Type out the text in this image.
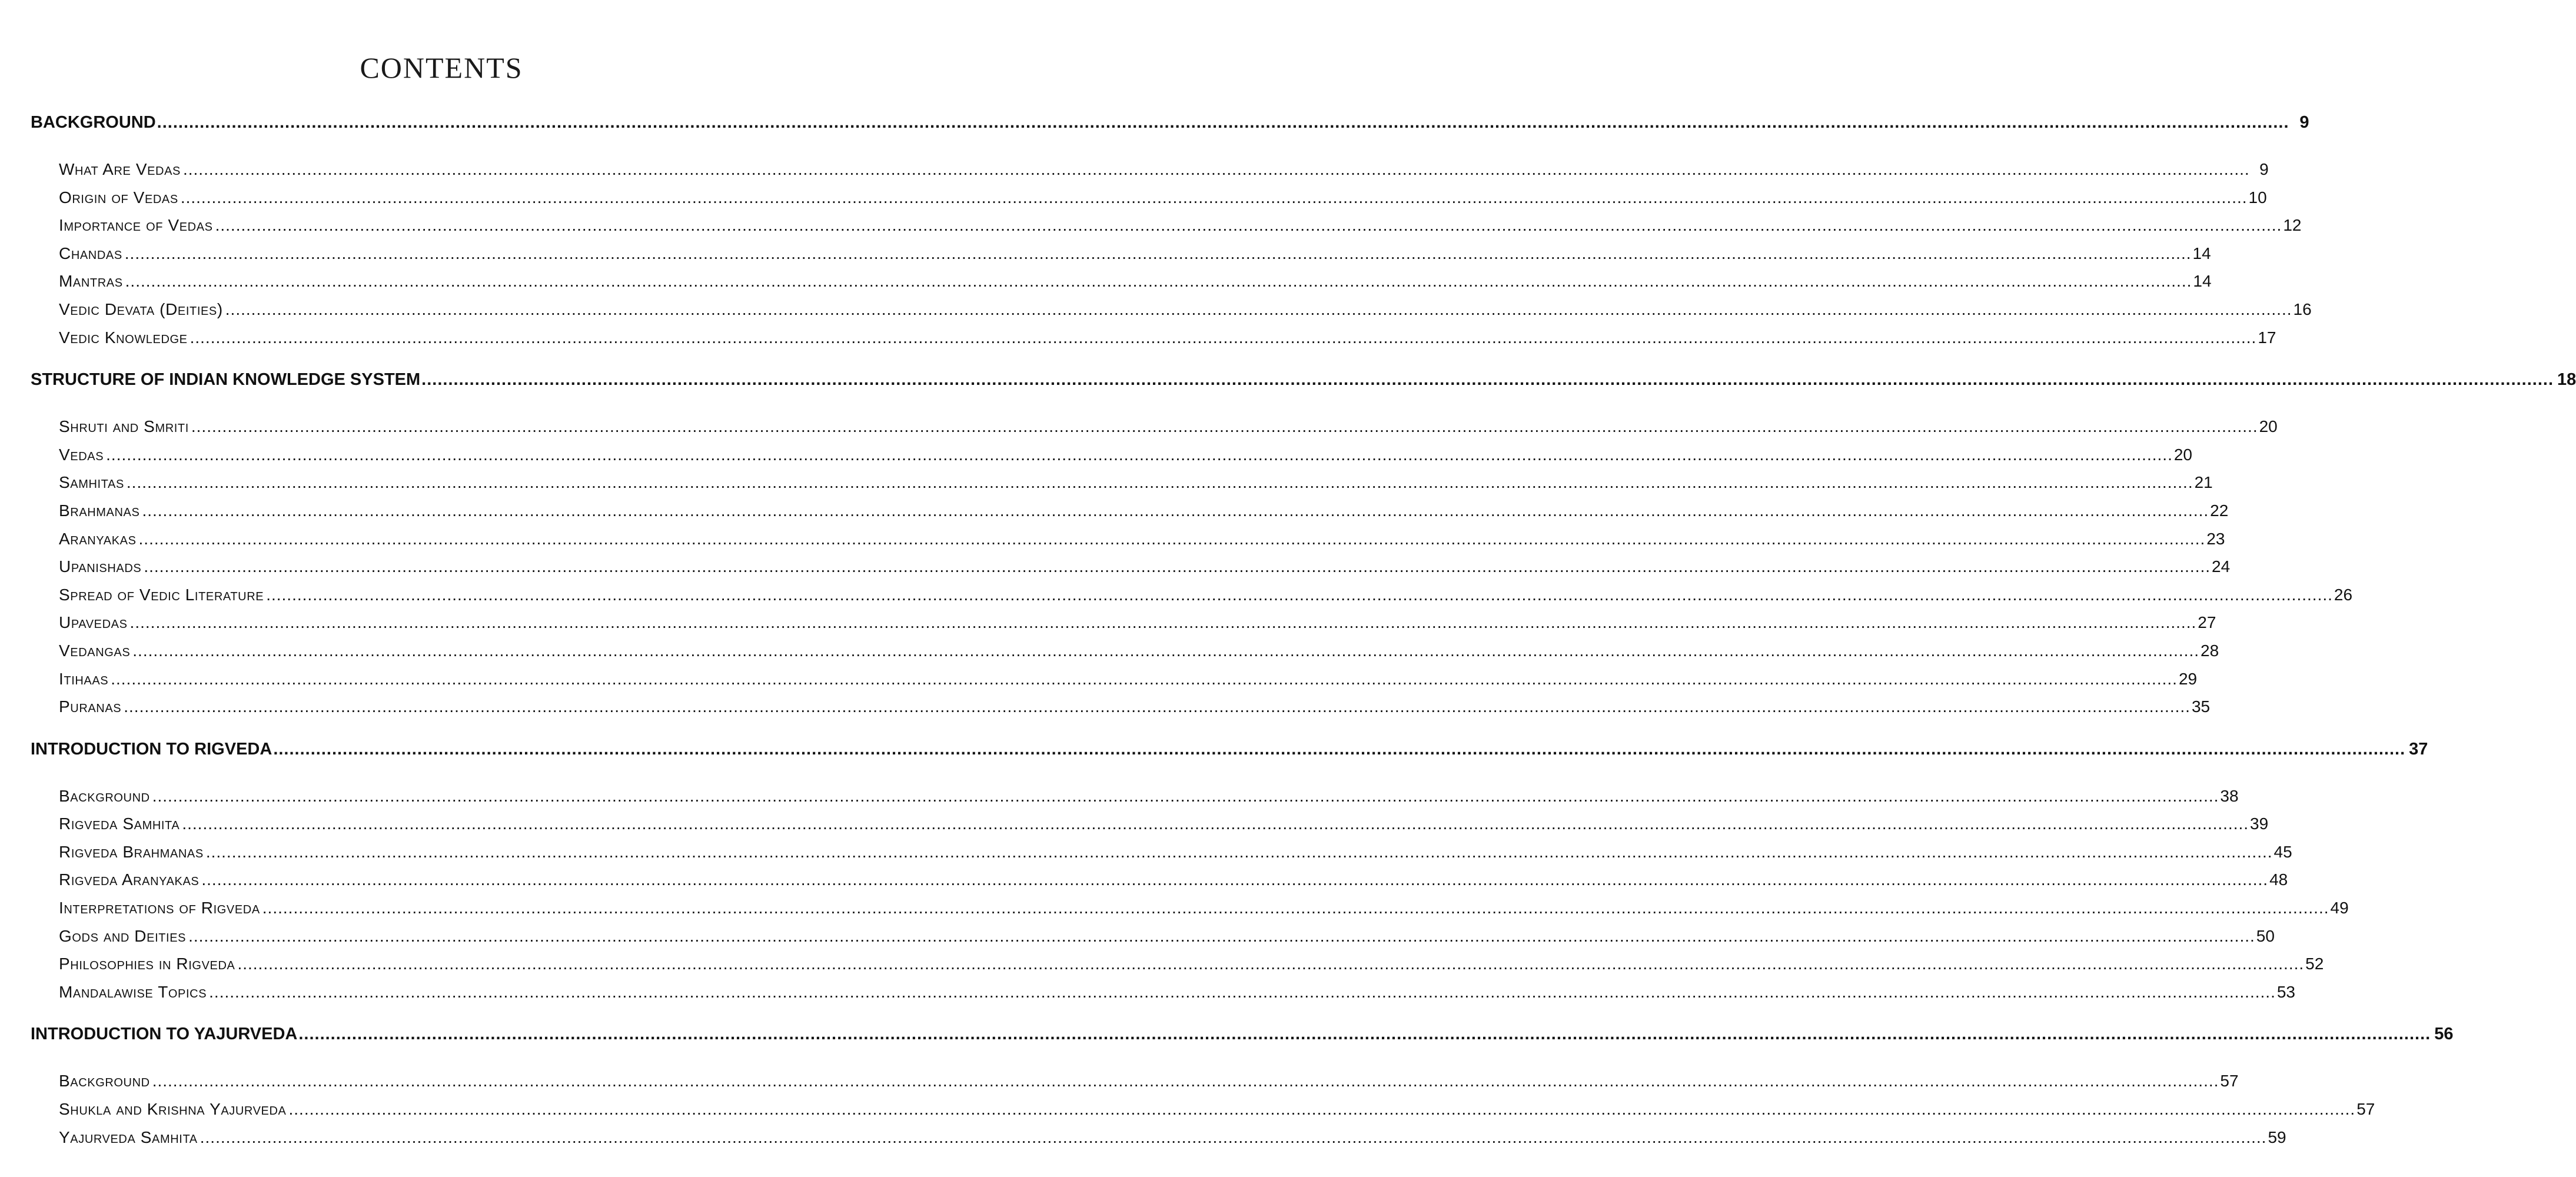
CONTENTS
BACKGROUND ................................................................................................................................................................................................................................................................................................................................................................................................................ 9
What Are Vedas ................................................................................................................................................................................................................................................................................................................................................................................................................ 9
Origin of Vedas ................................................................................................................................................................................................................................................................................................................................................................................................................ 10
Importance of Vedas ................................................................................................................................................................................................................................................................................................................................................................................................................ 12
Chandas ................................................................................................................................................................................................................................................................................................................................................................................................................ 14
Mantras ................................................................................................................................................................................................................................................................................................................................................................................................................ 14
Vedic Devata (Deities) ................................................................................................................................................................................................................................................................................................................................................................................................................ 16
Vedic Knowledge ................................................................................................................................................................................................................................................................................................................................................................................................................ 17
STRUCTURE OF INDIAN KNOWLEDGE SYSTEM ................................................................................................................................................................................................................................................................................................................................................................................................................ 18
Shruti and Smriti ................................................................................................................................................................................................................................................................................................................................................................................................................ 20
Vedas ................................................................................................................................................................................................................................................................................................................................................................................................................ 20
Samhitas ................................................................................................................................................................................................................................................................................................................................................................................................................ 21
Brahmanas ................................................................................................................................................................................................................................................................................................................................................................................................................ 22
Aranyakas ................................................................................................................................................................................................................................................................................................................................................................................................................ 23
Upanishads ................................................................................................................................................................................................................................................................................................................................................................................................................ 24
Spread of Vedic Literature ................................................................................................................................................................................................................................................................................................................................................................................................................ 26
Upavedas ................................................................................................................................................................................................................................................................................................................................................................................................................ 27
Vedangas ................................................................................................................................................................................................................................................................................................................................................................................................................ 28
Itihaas ................................................................................................................................................................................................................................................................................................................................................................................................................ 29
Puranas ................................................................................................................................................................................................................................................................................................................................................................................................................ 35
INTRODUCTION TO RIGVEDA ................................................................................................................................................................................................................................................................................................................................................................................................................ 37
Background ................................................................................................................................................................................................................................................................................................................................................................................................................ 38
Rigveda Samhita ................................................................................................................................................................................................................................................................................................................................................................................................................ 39
Rigveda Brahmanas ................................................................................................................................................................................................................................................................................................................................................................................................................ 45
Rigveda Aranyakas ................................................................................................................................................................................................................................................................................................................................................................................................................ 48
Interpretations of Rigveda ................................................................................................................................................................................................................................................................................................................................................................................................................ 49
Gods and Deities ................................................................................................................................................................................................................................................................................................................................................................................................................ 50
Philosophies in Rigveda ................................................................................................................................................................................................................................................................................................................................................................................................................ 52
Mandalawise Topics ................................................................................................................................................................................................................................................................................................................................................................................................................ 53
INTRODUCTION TO YAJURVEDA ................................................................................................................................................................................................................................................................................................................................................................................................................ 56
Background ................................................................................................................................................................................................................................................................................................................................................................................................................ 57
Shukla and Krishna Yajurveda ................................................................................................................................................................................................................................................................................................................................................................................................................ 57
Yajurveda Samhita ................................................................................................................................................................................................................................................................................................................................................................................................................ 59
